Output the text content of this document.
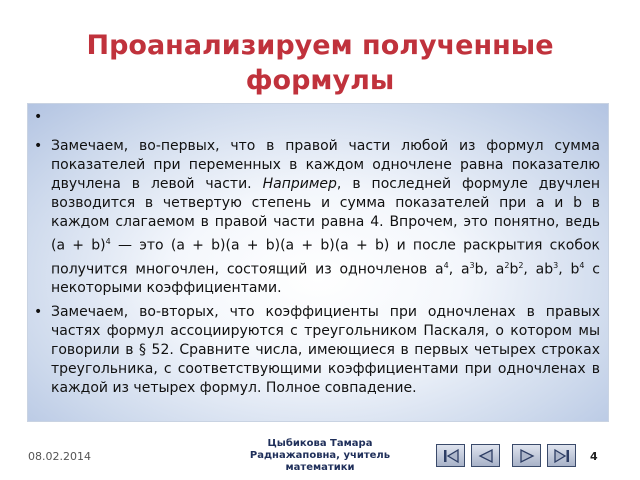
Проанализируем полученные формулы
•
• Замечаем, во-первых, что в правой части любой из формул сумма показателей при переменных в каждом одночлене равна показателю двучлена в левой части. Например, в последней формуле двучлен возводится в четвертую степень и сумма показателей при а и b в каждом слагаемом в правой части равна 4. Впрочем, это понятно, ведь $(а + b)^4$ — это (а + b)(а + b)(а + b)(а + b) и после раскрытия скобок получится многочлен, состоящий из одночленов $а^4$, $а^3b$, $а^2b^2$, $аb^3$, $b^4$ с некоторыми коэффициентами.
• Замечаем, во-вторых, что коэффициенты при одночленах в правых частях формул ассоциируются с треугольником Паскаля, о котором мы говорили в § 52. Сравните числа, имеющиеся в первых четырех строках треугольника, с соответствующими коэффициентами при одночленах в каждой из четырех формул. Полное совпадение.
08.02.2014
Цыбикова Тамара Раднажаповна, учитель математики
4
